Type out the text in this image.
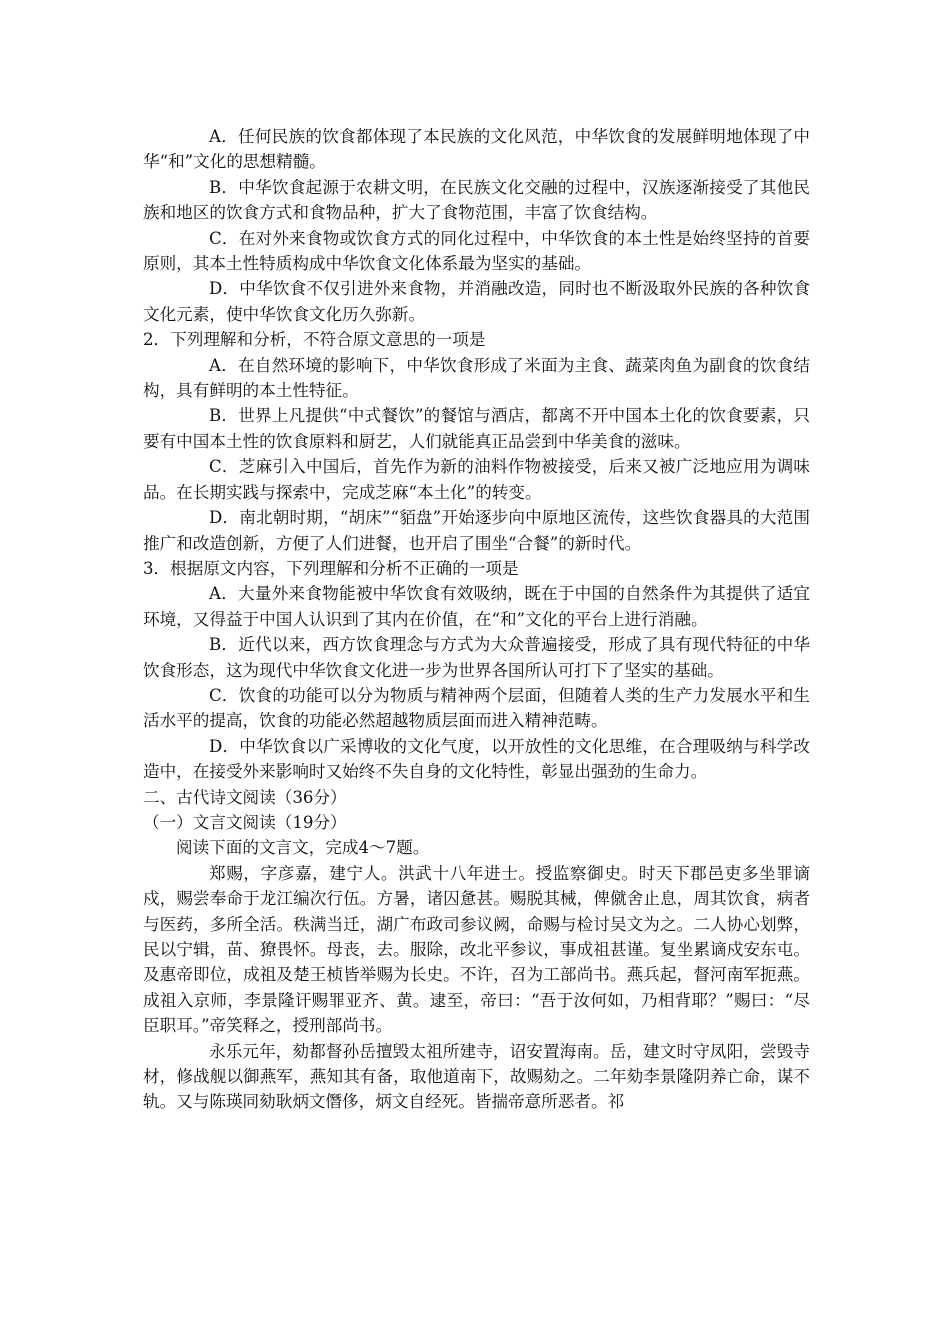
A．任何民族的饮食都体现了本民族的文化风范，中华饮食的发展鲜明地体现了中华“和”文化的思想精髓。

B．中华饮食起源于农耕文明，在民族文化交融的过程中，汉族逐渐接受了其他民族和地区的饮食方式和食物品种，扩大了食物范围，丰富了饮食结构。

C．在对外来食物或饮食方式的同化过程中，中华饮食的本土性是始终坚持的首要原则，其本土性特质构成中华饮食文化体系最为坚实的基础。

D．中华饮食不仅引进外来食物，并消融改造，同时也不断汲取外民族的各种饮食文化元素，使中华饮食文化历久弥新。

2．下列理解和分析，不符合原文意思的一项是

A．在自然环境的影响下，中华饮食形成了米面为主食、蔬菜肉鱼为副食的饮食结构，具有鲜明的本土性特征。

B．世界上凡提供“中式餐饮”的餐馆与酒店，都离不开中国本土化的饮食要素，只要有中国本土性的饮食原料和厨艺，人们就能真正品尝到中华美食的滋味。

C．芝麻引入中国后，首先作为新的油料作物被接受，后来又被广泛地应用为调味品。在长期实践与探索中，完成芝麻“本土化”的转变。

D．南北朝时期，“胡床”“貊盘”开始逐步向中原地区流传，这些饮食器具的大范围推广和改造创新，方便了人们进餐，也开启了围坐“合餐”的新时代。

3．根据原文内容，下列理解和分析不正确的一项是

A．大量外来食物能被中华饮食有效吸纳，既在于中国的自然条件为其提供了适宜环境，又得益于中国人认识到了其内在价值，在“和”文化的平台上进行消融。

B．近代以来，西方饮食理念与方式为大众普遍接受，形成了具有现代特征的中华饮食形态，这为现代中华饮食文化进一步为世界各国所认可打下了坚实的基础。

C．饮食的功能可以分为物质与精神两个层面，但随着人类的生产力发展水平和生活水平的提高，饮食的功能必然超越物质层面而进入精神范畴。

D．中华饮食以广采博收的文化气度，以开放性的文化思维，在合理吸纳与科学改造中，在接受外来影响时又始终不失自身的文化特性，彰显出强劲的生命力。

二、古代诗文阅读（36分）

（一）文言文阅读（19分）

阅读下面的文言文，完成4～7题。

郑赐，字彦嘉，建宁人。洪武十八年进士。授监察御史。时天下郡邑吏多坐罪谪戍，赐尝奉命于龙江编次行伍。方暑，诸囚惫甚。赐脱其械，俾僦舍止息，周其饮食，病者与医药，多所全活。秩满当迁，湖广布政司参议阙，命赐与检讨吴文为之。二人协心划弊，民以宁辑，苗、獠畏怀。母丧，去。服除，改北平参议，事成祖甚谨。复坐累谪戍安东屯。及惠帝即位，成祖及楚王桢皆举赐为长史。不许，召为工部尚书。燕兵起，督河南军扼燕。成祖入京师，李景隆讦赐罪亚齐、黄。逮至，帝曰：“吾于汝何如，乃相背耶？”赐曰：“尽臣职耳。”帝笑释之，授刑部尚书。

永乐元年，劾都督孙岳擅毁太祖所建寺，诏安置海南。岳，建文时守凤阳，尝毁寺材，修战舰以御燕军，燕知其有备，取他道南下，故赐劾之。二年劾李景隆阴养亡命，谋不轨。又与陈瑛同劾耿炳文僭侈，炳文自经死。皆揣帝意所恶者。祁
